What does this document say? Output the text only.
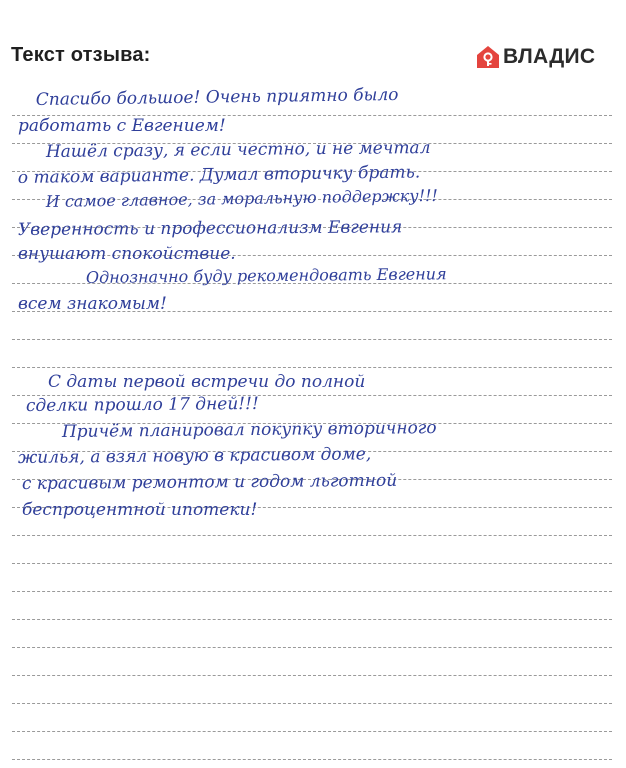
Текст отзыва:	ВЛАДИС
Спасибо большое! Очень приятно было
работать с Евгением!
Нашёл сразу, я если честно, и не мечтал
о таком варианте. Думал вторичку брать.
И самое главное, за моральную поддержку!!!
Уверенность и профессионализм Евгения
внушают спокойствие.
Однозначно буду рекомендовать Евгения
всем знакомым!
С даты первой встречи до полной
сделки прошло 17 дней!!!
Причём планировал покупку вторичного
жилья, а взял новую в красивом доме,
с красивым ремонтом и годом льготной
беспроцентной ипотеки!
